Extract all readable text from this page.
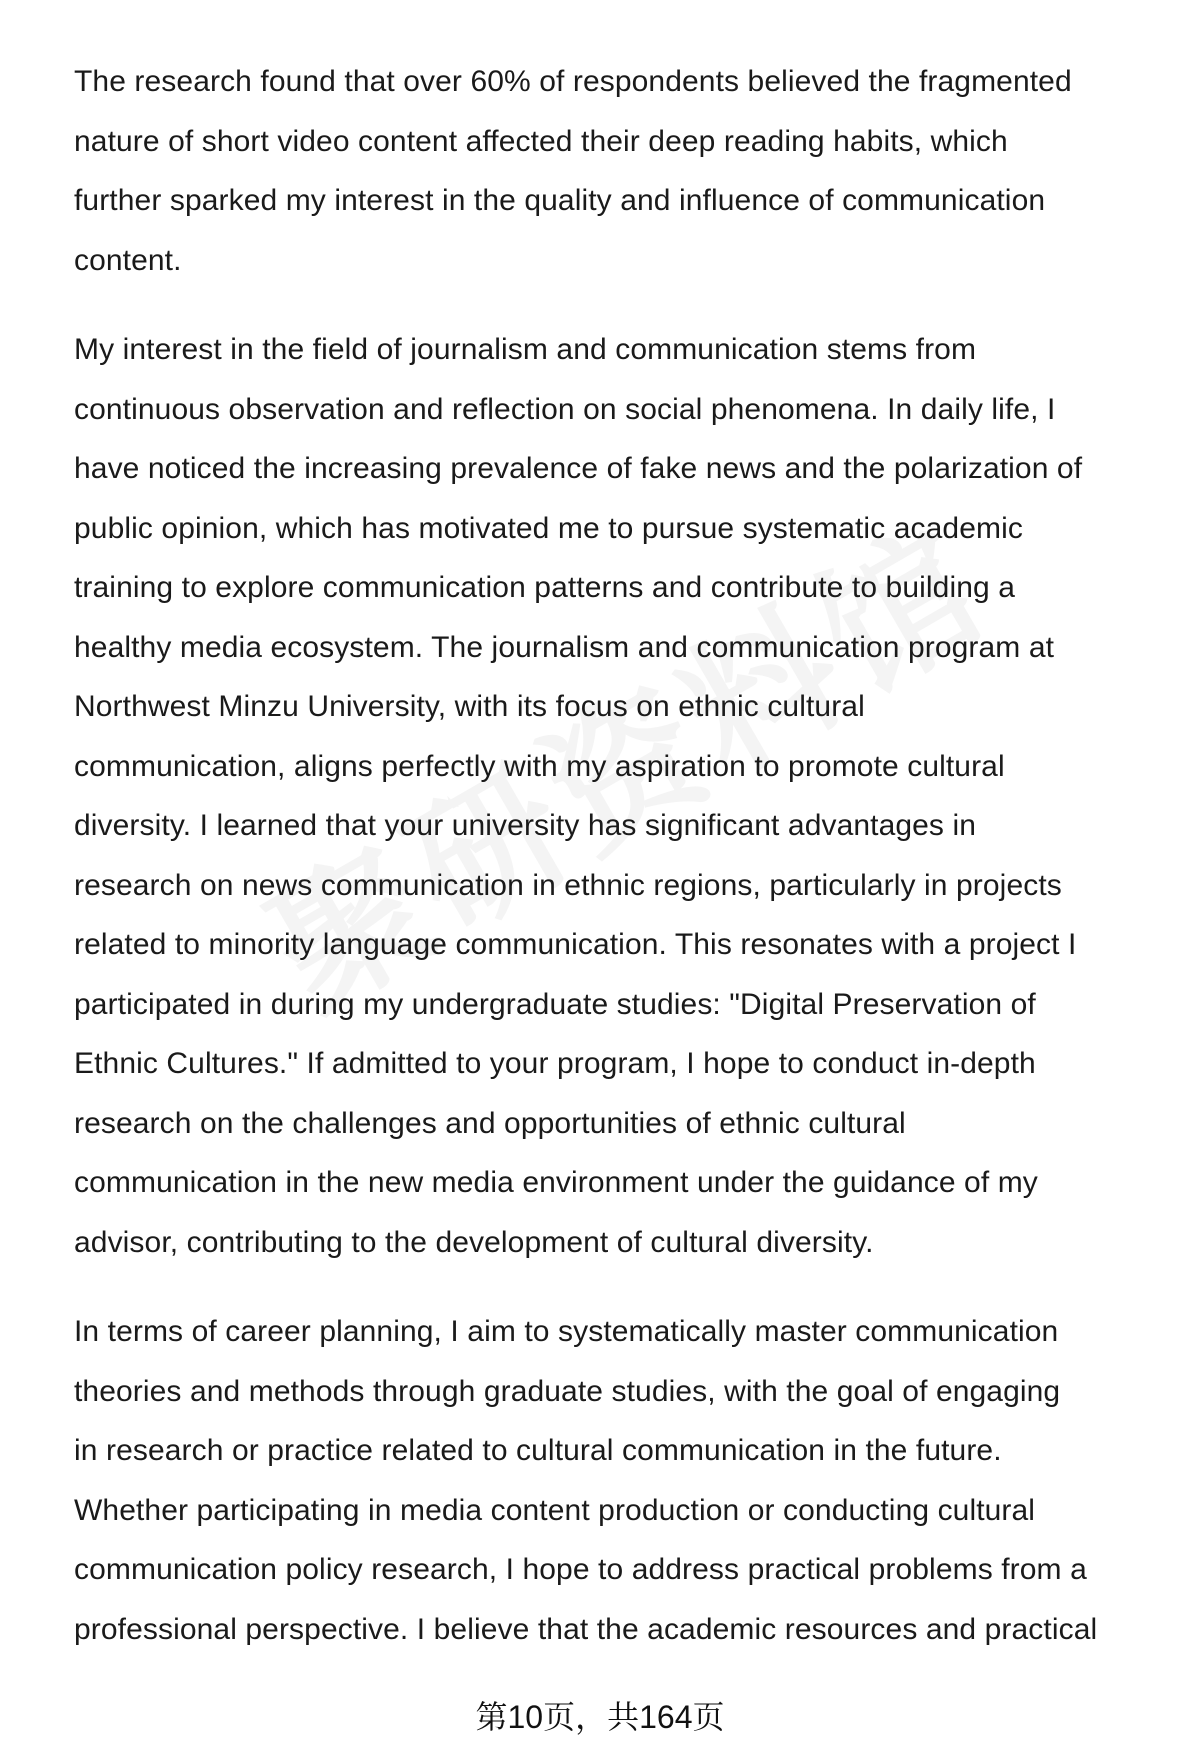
The research found that over 60% of respondents believed the fragmented
nature of short video content affected their deep reading habits, which
further sparked my interest in the quality and influence of communication
content.

My interest in the field of journalism and communication stems from
continuous observation and reflection on social phenomena. In daily life, I
have noticed the increasing prevalence of fake news and the polarization of
public opinion, which has motivated me to pursue systematic academic
training to explore communication patterns and contribute to building a
healthy media ecosystem. The journalism and communication program at
Northwest Minzu University, with its focus on ethnic cultural
communication, aligns perfectly with my aspiration to promote cultural
diversity. I learned that your university has significant advantages in
research on news communication in ethnic regions, particularly in projects
related to minority language communication. This resonates with a project I
participated in during my undergraduate studies: "Digital Preservation of
Ethnic Cultures." If admitted to your program, I hope to conduct in-depth
research on the challenges and opportunities of ethnic cultural
communication in the new media environment under the guidance of my
advisor, contributing to the development of cultural diversity.

In terms of career planning, I aim to systematically master communication
theories and methods through graduate studies, with the goal of engaging
in research or practice related to cultural communication in the future.
Whether participating in media content production or conducting cultural
communication policy research, I hope to address practical problems from a
professional perspective. I believe that the academic resources and practical

第10页，共164页
